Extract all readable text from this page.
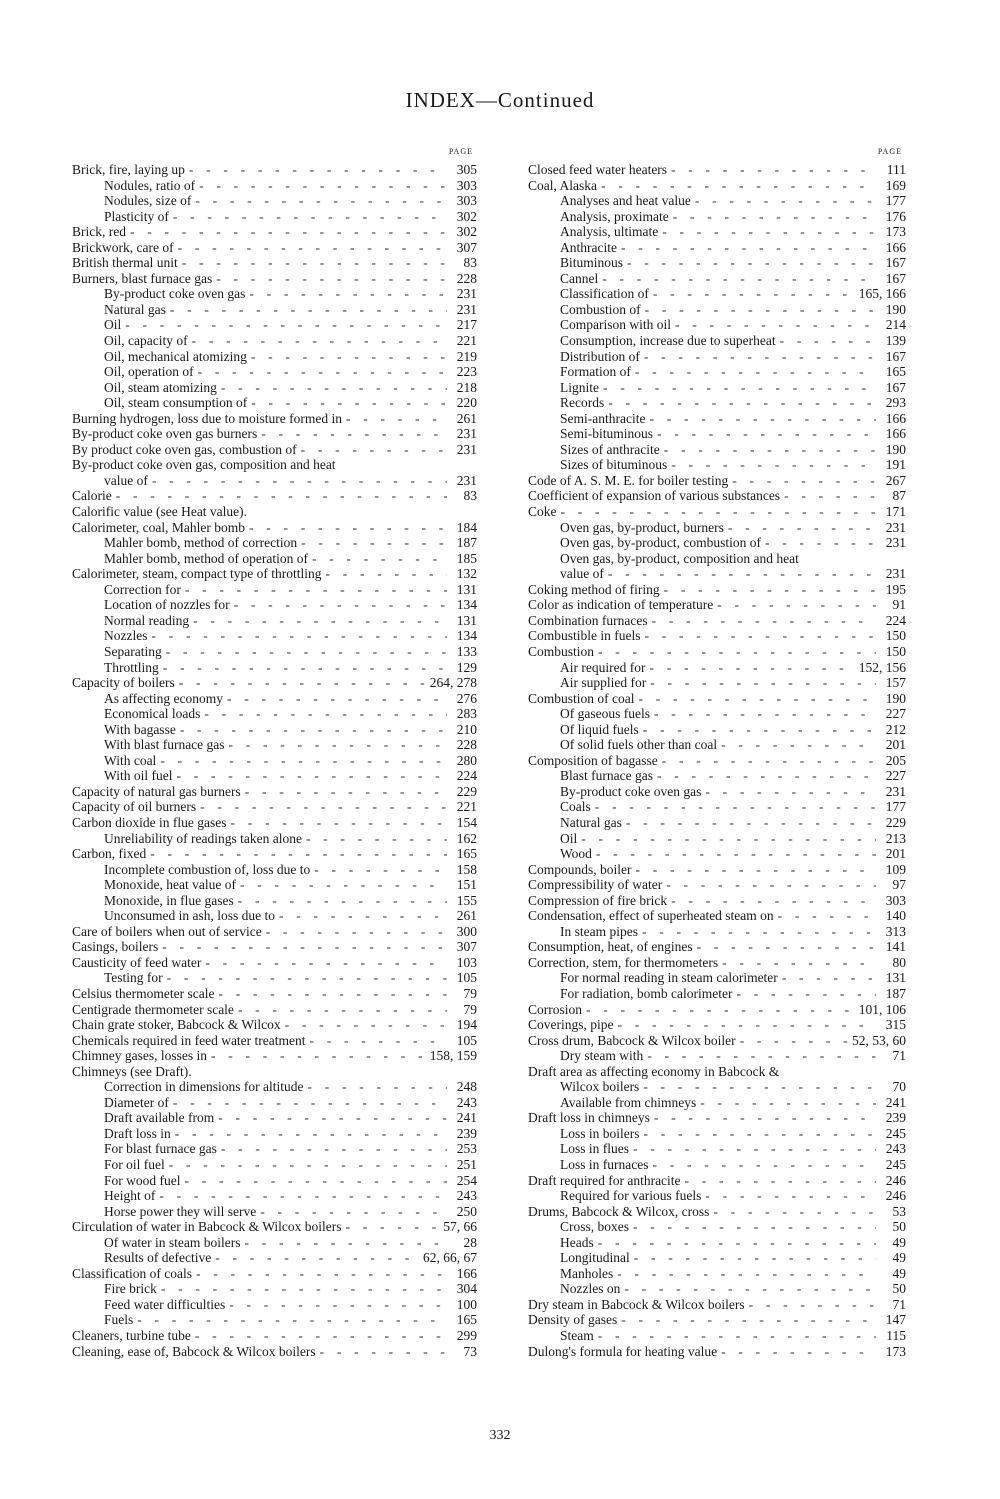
INDEX—Continued
PAGE
Brick, fire, laying up - -	305
Nodules, ratio of - -	303
Nodules, size of - -	303
Plasticity of - -	302
Brick, red - -	302
Brickwork, care of - -	307
British thermal unit - -	83
Burners, blast furnace gas - -	228
By-product coke oven gas - -	231
Natural gas - -	231
Oil - -	217
Oil, capacity of - -	221
Oil, mechanical atomizing - -	219
Oil, operation of - -	223
Oil, steam atomizing - -	218
Oil, steam consumption of - -	220
Burning hydrogen, loss due to moisture formed in - -	261
By-product coke oven gas burners - -	231
By product coke oven gas, combustion of - -	231
By-product coke oven gas, composition and heat
value of - -	231
Calorie - -	83
Calorific value (see Heat value).
Calorimeter, coal, Mahler bomb - -	184
Mahler bomb, method of correction - -	187
Mahler bomb, method of operation of - -	185
Calorimeter, steam, compact type of throttling - -	132
Correction for - -	131
Location of nozzles for - -	134
Normal reading - -	131
Nozzles - -	134
Separating - -	133
Throttling - -	129
Capacity of boilers - -	264, 278
As affecting economy - -	276
Economical loads - -	283
With bagasse - -	210
With blast furnace gas - -	228
With coal - -	280
With oil fuel - -	224
Capacity of natural gas burners - -	229
Capacity of oil burners - -	221
Carbon dioxide in flue gases - -	154
Unreliability of readings taken alone - -	162
Carbon, fixed - -	165
Incomplete combustion of, loss due to - -	158
Monoxide, heat value of - -	151
Monoxide, in flue gases - -	155
Unconsumed in ash, loss due to - -	261
Care of boilers when out of service - -	300
Casings, boilers - -	307
Causticity of feed water - -	103
Testing for - -	105
Celsius thermometer scale - -	79
Centigrade thermometer scale - -	79
Chain grate stoker, Babcock & Wilcox - -	194
Chemicals required in feed water treatment - -	105
Chimney gases, losses in - -	158, 159
Chimneys (see Draft).
Correction in dimensions for altitude - -	248
Diameter of - -	243
Draft available from - -	241
Draft loss in - -	239
For blast furnace gas - -	253
For oil fuel - -	251
For wood fuel - -	254
Height of - -	243
Horse power they will serve - -	250
Circulation of water in Babcock & Wilcox boilers - -	57, 66
Of water in steam boilers - -	28
Results of defective - -	62, 66, 67
Classification of coals - -	166
Fire brick - -	304
Feed water difficulties - -	100
Fuels - -	165
Cleaners, turbine tube - -	299
Cleaning, ease of, Babcock & Wilcox boilers - -	73
PAGE
Closed feed water heaters - -	111
Coal, Alaska - -	169
Analyses and heat value - -	177
Analysis, proximate - -	176
Analysis, ultimate - -	173
Anthracite - -	166
Bituminous - -	167
Cannel - -	167
Classification of - -	165, 166
Combustion of - -	190
Comparison with oil - -	214
Consumption, increase due to superheat - -	139
Distribution of - -	167
Formation of - -	165
Lignite - -	167
Records - -	293
Semi-anthracite - -	166
Semi-bituminous - -	166
Sizes of anthracite - -	190
Sizes of bituminous - -	191
Code of A. S. M. E. for boiler testing - -	267
Coefficient of expansion of various substances - -	87
Coke - -	171
Oven gas, by-product, burners - -	231
Oven gas, by-product, combustion of - -	231
Oven gas, by-product, composition and heat
value of - -	231
Coking method of firing - -	195
Color as indication of temperature - -	91
Combination furnaces - -	224
Combustible in fuels - -	150
Combustion - -	150
Air required for - -	152, 156
Air supplied for - -	157
Combustion of coal - -	190
Of gaseous fuels - -	227
Of liquid fuels - -	212
Of solid fuels other than coal - -	201
Composition of bagasse - -	205
Blast furnace gas - -	227
By-product coke oven gas - -	231
Coals - -	177
Natural gas - -	229
Oil - -	213
Wood - -	201
Compounds, boiler - -	109
Compressibility of water - -	97
Compression of fire brick - -	303
Condensation, effect of superheated steam on - -	140
In steam pipes - -	313
Consumption, heat, of engines - -	141
Correction, stem, for thermometers - -	80
For normal reading in steam calorimeter - -	131
For radiation, bomb calorimeter - -	187
Corrosion - -	101, 106
Coverings, pipe - -	315
Cross drum, Babcock & Wilcox boiler - -	52, 53, 60
Dry steam with - -	71
Draft area as affecting economy in Babcock &
Wilcox boilers - -	70
Available from chimneys - -	241
Draft loss in chimneys - -	239
Loss in boilers - -	245
Loss in flues - -	243
Loss in furnaces - -	245
Draft required for anthracite - -	246
Required for various fuels - -	246
Drums, Babcock & Wilcox, cross - -	53
Cross, boxes - -	50
Heads - -	49
Longitudinal - -	49
Manholes - -	49
Nozzles on - -	50
Dry steam in Babcock & Wilcox boilers - -	71
Density of gases - -	147
Steam - -	115
Dulong's formula for heating value - -	173
332
